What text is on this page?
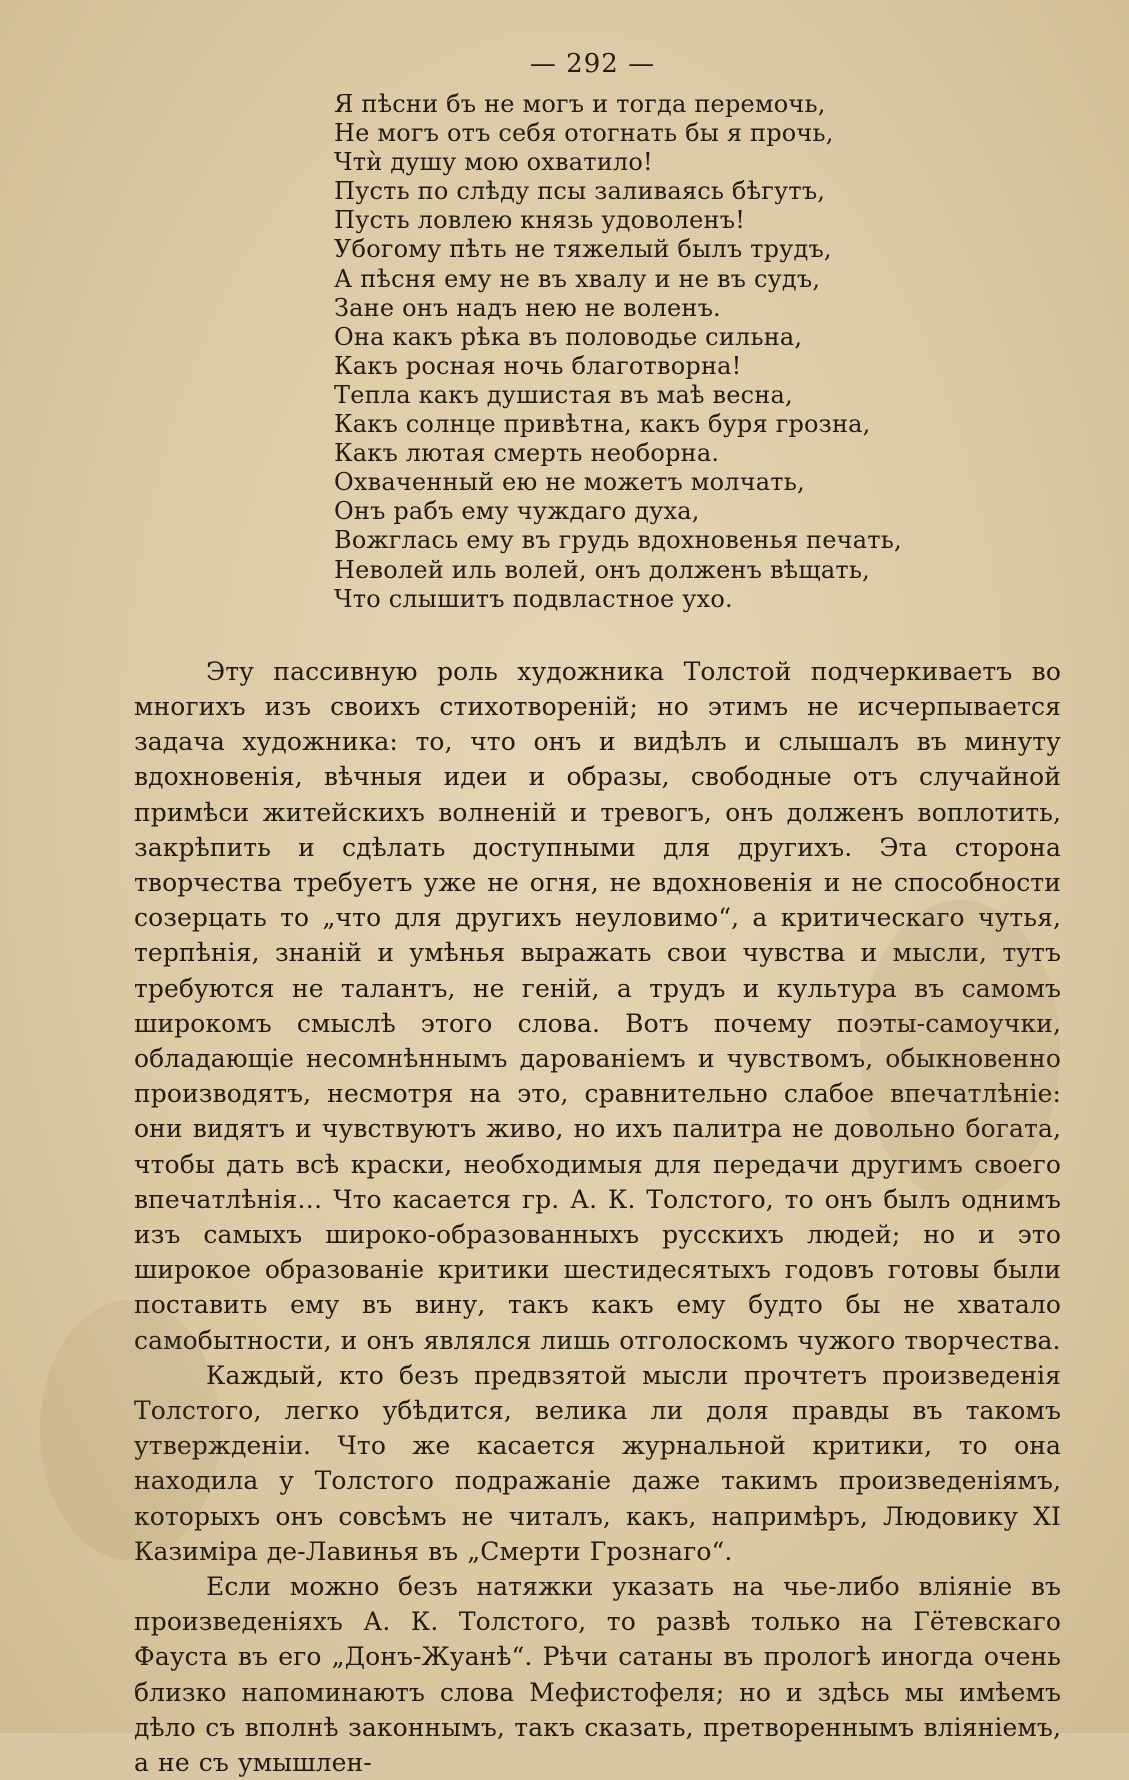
— 292 —
Я пѣсни бъ не могъ и тогда перемочь,
Не могъ отъ себя отогнать бы я прочь,
Чтѝ душу мою охватило!
Пусть по слѣду псы заливаясь бѣгутъ,
Пусть ловлею князь удоволенъ!
Убогому пѣть не тяжелый былъ трудъ,
А пѣсня ему не въ хвалу и не въ судъ,
Зане онъ надъ нею не воленъ.
Она какъ рѣка въ половодье сильна,
Какъ росная ночь благотворна!
Тепла какъ душистая въ маѣ весна,
Какъ солнце привѣтна, какъ буря грозна,
Какъ лютая смерть необорна.
Охваченный ею не можетъ молчать,
Онъ рабъ ему чуждаго духа,
Вожглась ему въ грудь вдохновенья печать,
Неволей иль волей, онъ долженъ вѣщать,
Что слышитъ подвластное ухо.

Эту пассивную роль художника Толстой подчеркиваетъ во многихъ изъ своихъ стихотвореній; но этимъ не исчерпывается задача художника: то, что онъ и видѣлъ и слышалъ въ минуту вдохновенія, вѣчныя идеи и образы, свободные отъ случайной примѣси житейскихъ волненій и тревогъ, онъ долженъ воплотить, закрѣпить и сдѣлать доступными для другихъ. Эта сторона творчества требуетъ уже не огня, не вдохновенія и не способности созерцать то „что для другихъ неуловимо“, а критическаго чутья, терпѣнія, знаній и умѣнья выражать свои чувства и мысли, тутъ требуются не талантъ, не геній, а трудъ и культура въ самомъ широкомъ смыслѣ этого слова. Вотъ почему поэты-самоучки, обладающіе несомнѣннымъ дарованіемъ и чувствомъ, обыкновенно производятъ, несмотря на это, сравнительно слабое впечатлѣніе: они видятъ и чувствуютъ живо, но ихъ палитра не довольно богата, чтобы дать всѣ краски, необходимыя для передачи другимъ своего впечатлѣнія… Что касается гр. А. К. Толстого, то онъ былъ однимъ изъ самыхъ широко-образованныхъ русскихъ людей; но и это широкое образованіе критики шестидесятыхъ годовъ готовы были поставить ему въ вину, такъ какъ ему будто бы не хватало самобытности, и онъ являлся лишь отголоскомъ чужого творчества.

Каждый, кто безъ предвзятой мысли прочтетъ произведенія Толстого, легко убѣдится, велика ли доля правды въ такомъ утвержденіи. Что же касается журнальной критики, то она находила у Толстого подражаніе даже такимъ произведеніямъ, которыхъ онъ совсѣмъ не читалъ, какъ, напримѣръ, Людовику XI Казиміра де-Лавинья въ „Смерти Грознаго“.

Если можно безъ натяжки указать на чье-либо вліяніе въ произведеніяхъ А. К. Толстого, то развѣ только на Гётевскаго Фауста въ его „Донъ-Жуанѣ“. Рѣчи сатаны въ прологѣ иногда очень близко напоминаютъ слова Мефистофеля; но и здѣсь мы имѣемъ дѣло съ вполнѣ законнымъ, такъ сказать, претвореннымъ вліяніемъ, а не съ умышлен-
